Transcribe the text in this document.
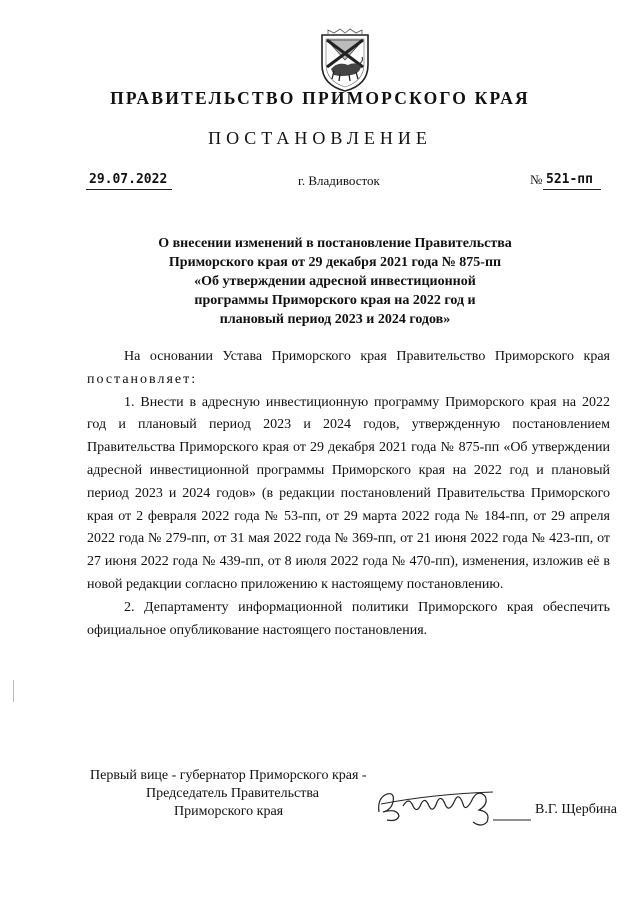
ПРАВИТЕЛЬСТВО ПРИМОРСКОГО КРАЯ
ПОСТАНОВЛЕНИЕ
29.07.2022	г. Владивосток	№ 521-пп
О внесении изменений в постановление Правительства
Приморского края от 29 декабря 2021 года № 875-пп
«Об утверждении адресной инвестиционной
программы Приморского края на 2022 год и
плановый период 2023 и 2024 годов»

На основании Устава Приморского края Правительство Приморского края постановляет:

1. Внести в адресную инвестиционную программу Приморского края на 2022 год и плановый период 2023 и 2024 годов, утвержденную постановлением Правительства Приморского края от 29 декабря 2021 года № 875-пп «Об утверждении адресной инвестиционной программы Приморского края на 2022 год и плановый период 2023 и 2024 годов» (в редакции постановлений Правительства Приморского края от 2 февраля 2022 года № 53-пп, от 29 марта 2022 года № 184-пп, от 29 апреля 2022 года № 279-пп, от 31 мая 2022 года № 369-пп, от 21 июня 2022 года № 423-пп, от 27 июня 2022 года № 439-пп, от 8 июля 2022 года № 470-пп), изменения, изложив её в новой редакции согласно приложению к настоящему постановлению.

2. Департаменту информационной политики Приморского края обеспечить официальное опубликование настоящего постановления.

Первый вице - губернатор Приморского края -
Председатель Правительства
Приморского края	В.Г. Щербина
